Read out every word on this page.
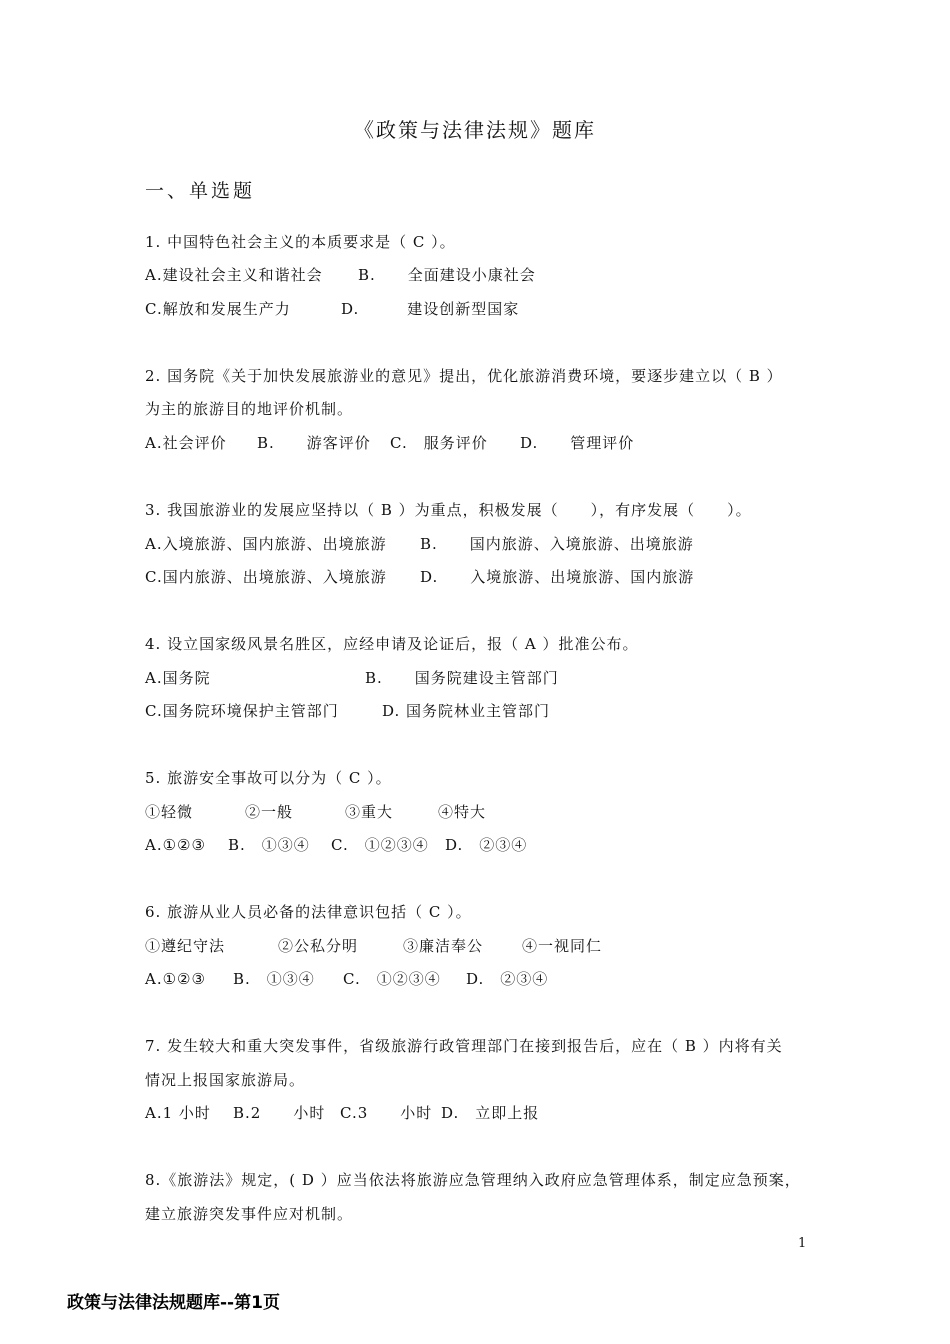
《政策与法律法规》题库
一、单选题
1. 中国特色社会主义的本质要求是（ C ）。
A.建设社会主义和谐社会 B.　　全面建设小康社会
C.解放和发展生产力	D.　　　建设创新型国家
2. 国务院《关于加快发展旅游业的意见》提出，优化旅游消费环境，要逐步建立以（ B ）
为主的旅游目的地评价机制。
A.社会评价 B.　　游客评价 C.　服务评价 D.　　管理评价
3. 我国旅游业的发展应坚持以（ B ）为重点，积极发展（　　），有序发展（　　）。
A.入境旅游、国内旅游、出境旅游 B.　　国内旅游、入境旅游、出境旅游
C.国内旅游、出境旅游、入境旅游 D.　　入境旅游、出境旅游、国内旅游
4. 设立国家级风景名胜区，应经申请及论证后，报（ A ）批准公布。
A.国务院	B.　　国务院建设主管部门
C.国务院环境保护主管部门	D. 国务院林业主管部门
5. 旅游安全事故可以分为（ C ）。
①轻微	②一般	③重大	④特大
A.①②③ B.　①③④ C.　①②③④ D.　②③④
6. 旅游从业人员必备的法律意识包括（ C ）。
①遵纪守法	②公私分明	③廉洁奉公	④一视同仁
A.①②③ B.　①③④ C.　①②③④ D.　②③④
7. 发生较大和重大突发事件，省级旅游行政管理部门在接到报告后，应在（ B ）内将有关
情况上报国家旅游局。
A.1 小时 B.2　　小时 C.3　　小时 D.　立即上报
8.《旅游法》规定，( D ）应当依法将旅游应急管理纳入政府应急管理体系，制定应急预案，
建立旅游突发事件应对机制。
1
政策与法律法规题库--第1页
